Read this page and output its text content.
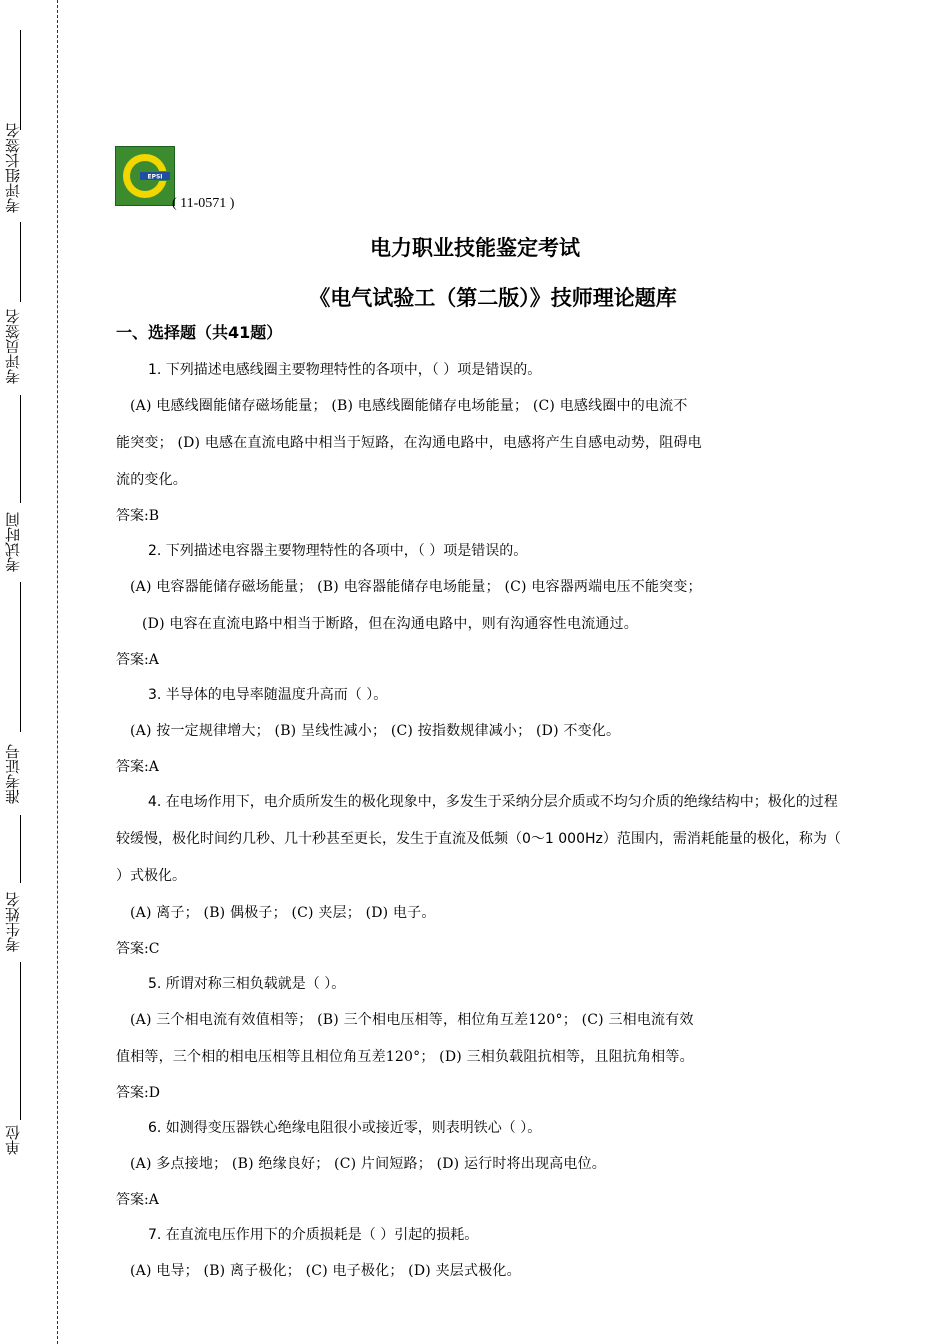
考评组长签名
考评员签名
考试时间
准考证号
考生姓名
单位
EPSI
( 11-0571 )
电力职业技能鉴定考试
《电气试验工（第二版）》技师理论题库
一、选择题（共41题）

1. 下列描述电感线圈主要物理特性的各项中，（ ）项是错误的。

(A) 电感线圈能储存磁场能量； (B) 电感线圈能储存电场能量； (C) 电感线圈中的电流不

能突变； (D) 电感在直流电路中相当于短路，在沟通电路中，电感将产生自感电动势，阻碍电

流的变化。

答案:B

2. 下列描述电容器主要物理特性的各项中，（ ）项是错误的。

(A) 电容器能储存磁场能量； (B) 电容器能储存电场能量； (C) 电容器两端电压不能突变；

(D) 电容在直流电路中相当于断路，但在沟通电路中，则有沟通容性电流通过。

答案:A

3. 半导体的电导率随温度升高而（ ）。

(A) 按一定规律增大； (B) 呈线性减小； (C) 按指数规律减小； (D) 不变化。

答案:A

4. 在电场作用下，电介质所发生的极化现象中，多发生于采纳分层介质或不均匀介质的绝缘结构中；极化的过程较缓慢，极化时间约几秒、几十秒甚至更长，发生于直流及低频（0～1 000Hz）范围内，需消耗能量的极化，称为（ ）式极化。

(A) 离子； (B) 偶极子； (C) 夹层； (D) 电子。

答案:C

5. 所谓对称三相负载就是（ ）。

(A) 三个相电流有效值相等； (B) 三个相电压相等，相位角互差120°； (C) 三相电流有效

值相等，三个相的相电压相等且相位角互差120°； (D) 三相负载阻抗相等，且阻抗角相等。

答案:D

6. 如测得变压器铁心绝缘电阻很小或接近零，则表明铁心（ ）。

(A) 多点接地； (B) 绝缘良好； (C) 片间短路； (D) 运行时将出现高电位。

答案:A

7. 在直流电压作用下的介质损耗是（ ）引起的损耗。

(A) 电导； (B) 离子极化； (C) 电子极化； (D) 夹层式极化。
